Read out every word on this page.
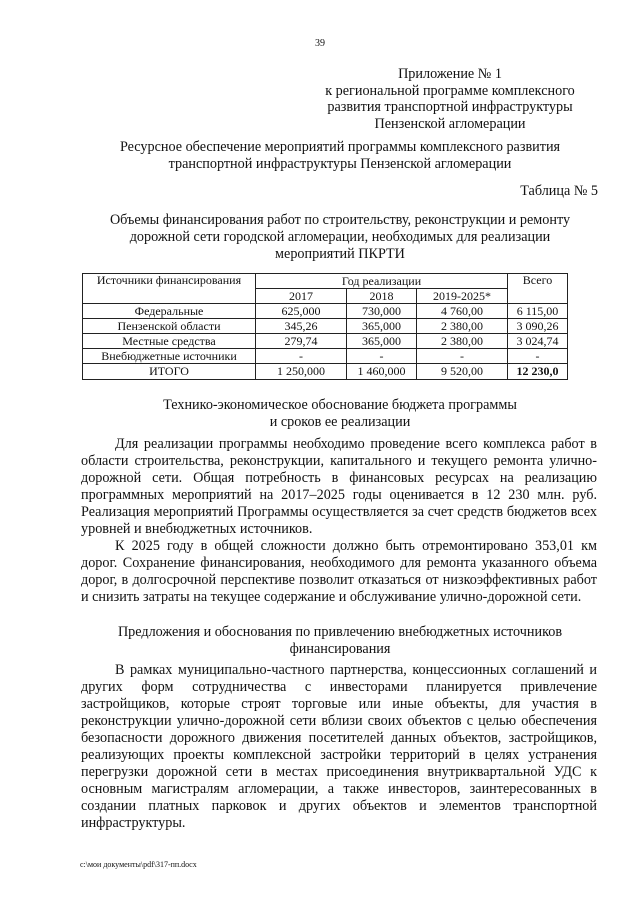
39
Приложение № 1
к региональной программе комплексного
развития транспортной инфраструктуры
Пензенской агломерации
Ресурсное обеспечение мероприятий программы комплексного развития
транспортной инфраструктуры Пензенской агломерации
Таблица № 5
Объемы финансирования работ по строительству, реконструкции и ремонту
дорожной сети городской агломерации, необходимых для реализации
мероприятий ПКРТИ
Источники финансирования	Год реализации			Всего
	2017	2018	2019-2025*	
Федеральные	625,000	730,000	4 760,00	6 115,00
Пензенской области	345,26	365,000	2 380,00	3 090,26
Местные средства	279,74	365,000	2 380,00	3 024,74
Внебюджетные источники	-	-	-	-
ИТОГО	1 250,000	1 460,000	9 520,00	12 230,0
Технико-экономическое обоснование бюджета программы
и сроков ее реализации

Для реализации программы необходимо проведение всего комплекса работ в области строительства, реконструкции, капитального и текущего ремонта улично-дорожной сети. Общая потребность в финансовых ресурсах на реализацию программных мероприятий на 2017–2025 годы оценивается в 12 230 млн. руб. Реализация мероприятий Программы осуществляется за счет средств бюджетов всех уровней и внебюджетных источников.

К 2025 году в общей сложности должно быть отремонтировано 353,01 км дорог. Сохранение финансирования, необходимого для ремонта указанного объема дорог, в долгосрочной перспективе позволит отказаться от низкоэффективных работ и снизить затраты на текущее содержание и обслуживание улично-дорожной сети.

Предложения и обоснования по привлечению внебюджетных источников
финансирования

В рамках муниципально-частного партнерства, концессионных соглашений и других форм сотрудничества с инвесторами планируется привлечение застройщиков, которые строят торговые или иные объекты, для участия в реконструкции улично-дорожной сети вблизи своих объектов с целью обеспечения безопасности дорожного движения посетителей данных объектов, застройщиков, реализующих проекты комплексной застройки территорий в целях устранения перегрузки дорожной сети в местах присоединения внутриквартальной УДС к основным магистралям агломерации, а также инвесторов, заинтересованных в создании платных парковок и других объектов и элементов транспортной инфраструктуры.

c:\мои документы\pdf\317-пп.docx
